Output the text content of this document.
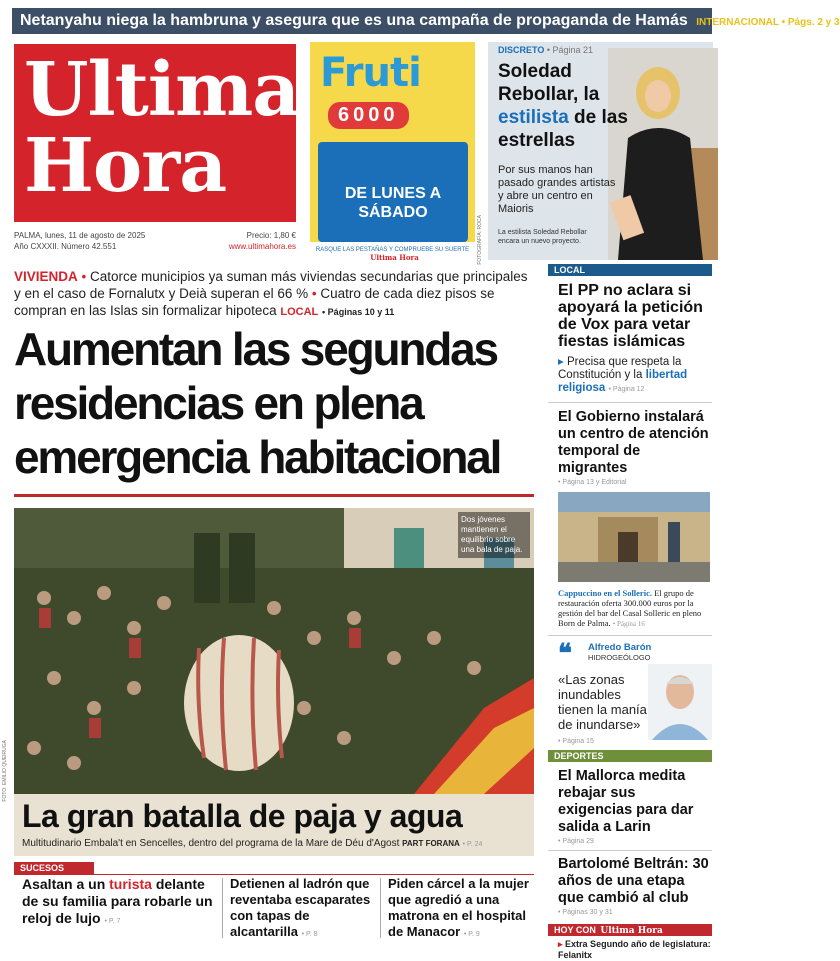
Netanyahu niega la hambruna y asegura que es una campaña de propaganda de Hamás INTERNACIONAL • Págs. 2 y 3
Ultima
Hora
PALMA, lunes, 11 de agosto de 2025
Año CXXXII. Número 42.551
Precio: 1,80 €
www.ultimahora.es
Fruti
6000
DE LUNES A SÁBADO
RASQUE LAS PESTAÑAS Y COMPRUEBE SU SUERTE Ultima Hora	FOTOGRAFÍA: ROCA
DISCRETO • Página 21
Soledad Rebollar, la estilista de las estrellas
Por sus manos han pasado grandes artistas y abre un centro en Maioris
La estilista Soledad Rebollar encara un nuevo proyecto.
VIVIENDA • Catorce municipios ya suman más viviendas secundarias que principales y en el caso de Fornalutx y Deià superan el 66 % • Cuatro de cada diez pisos se compran en las Islas sin formalizar hipoteca LOCAL • Páginas 10 y 11
Aumentan las segundas residencias en plena emergencia habitacional
Dos jóvenes mantienen el equilibrio sobre una bala de paja.
FOTO: EMILIO QUEIRUGA
La gran batalla de paja y agua
Multitudinario Embala't en Sencelles, dentro del programa de la Mare de Déu d'Agost PART FORANA • P. 24
SUCESOS
Asaltan a un turista delante de su familia para robarle un reloj de lujo • P. 7
Detienen al ladrón que reventaba escaparates con tapas de alcantarilla • P. 8
Piden cárcel a la mujer que agredió a una matrona en el hospital de Manacor • P. 9
LOCAL
El PP no aclara si apoyará la petición de Vox para vetar fiestas islámicas
▸ Precisa que respeta la Constitución y la libertad religiosa • Página 12
El Gobierno instalará un centro de atención temporal de migrantes
• Página 13 y Editorial
Cappuccino en el Solleric. El grupo de restauración oferta 300.000 euros por la gestión del bar del Casal Solleric en pleno Born de Palma. • Página 16
❝ Alfredo Barón
HIDROGEÓLOGO
«Las zonas inundables tienen la manía de inundarse»
• Página 15
DEPORTES
El Mallorca medita rebajar sus exigencias para dar salida a Larin
• Página 29
Bartolomé Beltrán: 30 años de una etapa que cambió al club
• Páginas 30 y 31
HOY CON Ultima Hora
▸ Extra Segundo año de legislatura: Felanitx
